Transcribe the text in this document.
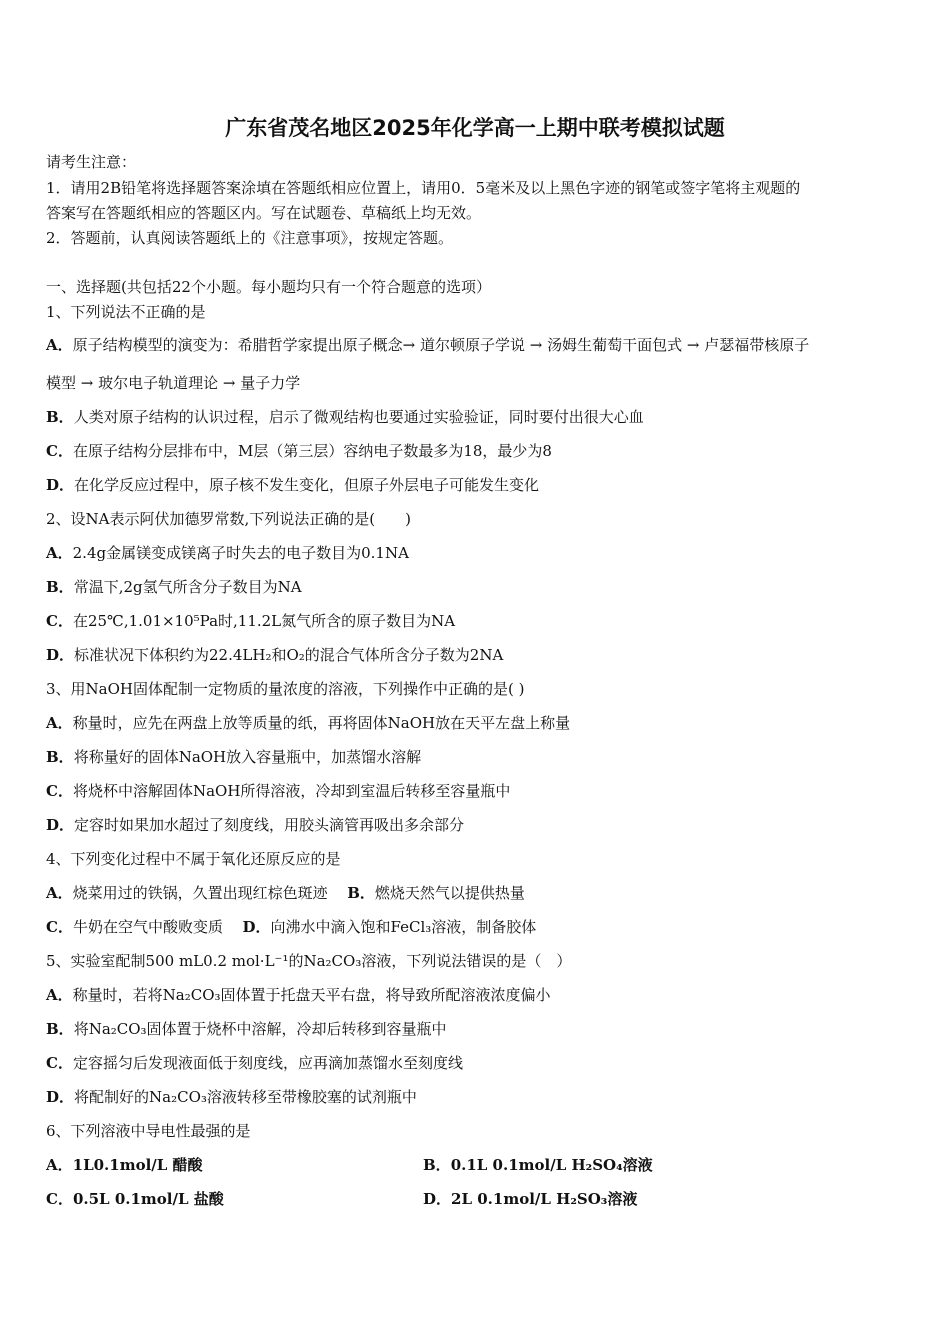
广东省茂名地区2025年化学高一上期中联考模拟试题
请考生注意：
1．请用2B铅笔将选择题答案涂填在答题纸相应位置上，请用0．5毫米及以上黑色字迹的钢笔或签字笔将主观题的
答案写在答题纸相应的答题区内。写在试题卷、草稿纸上均无效。
2．答题前，认真阅读答题纸上的《注意事项》，按规定答题。
一、选择题(共包括22个小题。每小题均只有一个符合题意的选项）
1、下列说法不正确的是
A．原子结构模型的演变为：希腊哲学家提出原子概念→ 道尔顿原子学说 → 汤姆生葡萄干面包式 → 卢瑟福带核原子
模型 → 玻尔电子轨道理论 → 量子力学
B．人类对原子结构的认识过程，启示了微观结构也要通过实验验证，同时要付出很大心血
C．在原子结构分层排布中，M层（第三层）容纳电子数最多为18，最少为8
D．在化学反应过程中，原子核不发生变化，但原子外层电子可能发生变化
2、设NA表示阿伏加德罗常数,下列说法正确的是(　　)
A．2.4g金属镁变成镁离子时失去的电子数目为0.1NA
B．常温下,2g氢气所含分子数目为NA
C．在25℃,1.01×10⁵Pa时,11.2L氮气所含的原子数目为NA
D．标准状况下体积约为22.4LH₂和O₂的混合气体所含分子数为2NA
3、用NaOH固体配制一定物质的量浓度的溶液，下列操作中正确的是( )
A．称量时，应先在两盘上放等质量的纸，再将固体NaOH放在天平左盘上称量
B．将称量好的固体NaOH放入容量瓶中，加蒸馏水溶解
C．将烧杯中溶解固体NaOH所得溶液，冷却到室温后转移至容量瓶中
D．定容时如果加水超过了刻度线，用胶头滴管再吸出多余部分
4、下列变化过程中不属于氧化还原反应的是
A．烧菜用过的铁锅，久置出现红棕色斑迹 B．燃烧天然气以提供热量
C．牛奶在空气中酸败变质 D．向沸水中滴入饱和FeCl₃溶液，制备胶体
5、实验室配制500 mL0.2 mol·L⁻¹的Na₂CO₃溶液，下列说法错误的是（　）
A．称量时，若将Na₂CO₃固体置于托盘天平右盘，将导致所配溶液浓度偏小
B．将Na₂CO₃固体置于烧杯中溶解，冷却后转移到容量瓶中
C．定容摇匀后发现液面低于刻度线，应再滴加蒸馏水至刻度线
D．将配制好的Na₂CO₃溶液转移至带橡胶塞的试剂瓶中
6、下列溶液中导电性最强的是
A．1L0.1mol/L 醋酸	B．0.1L 0.1mol/L H₂SO₄溶液
C．0.5L 0.1mol/L 盐酸	D．2L 0.1mol/L H₂SO₃溶液
